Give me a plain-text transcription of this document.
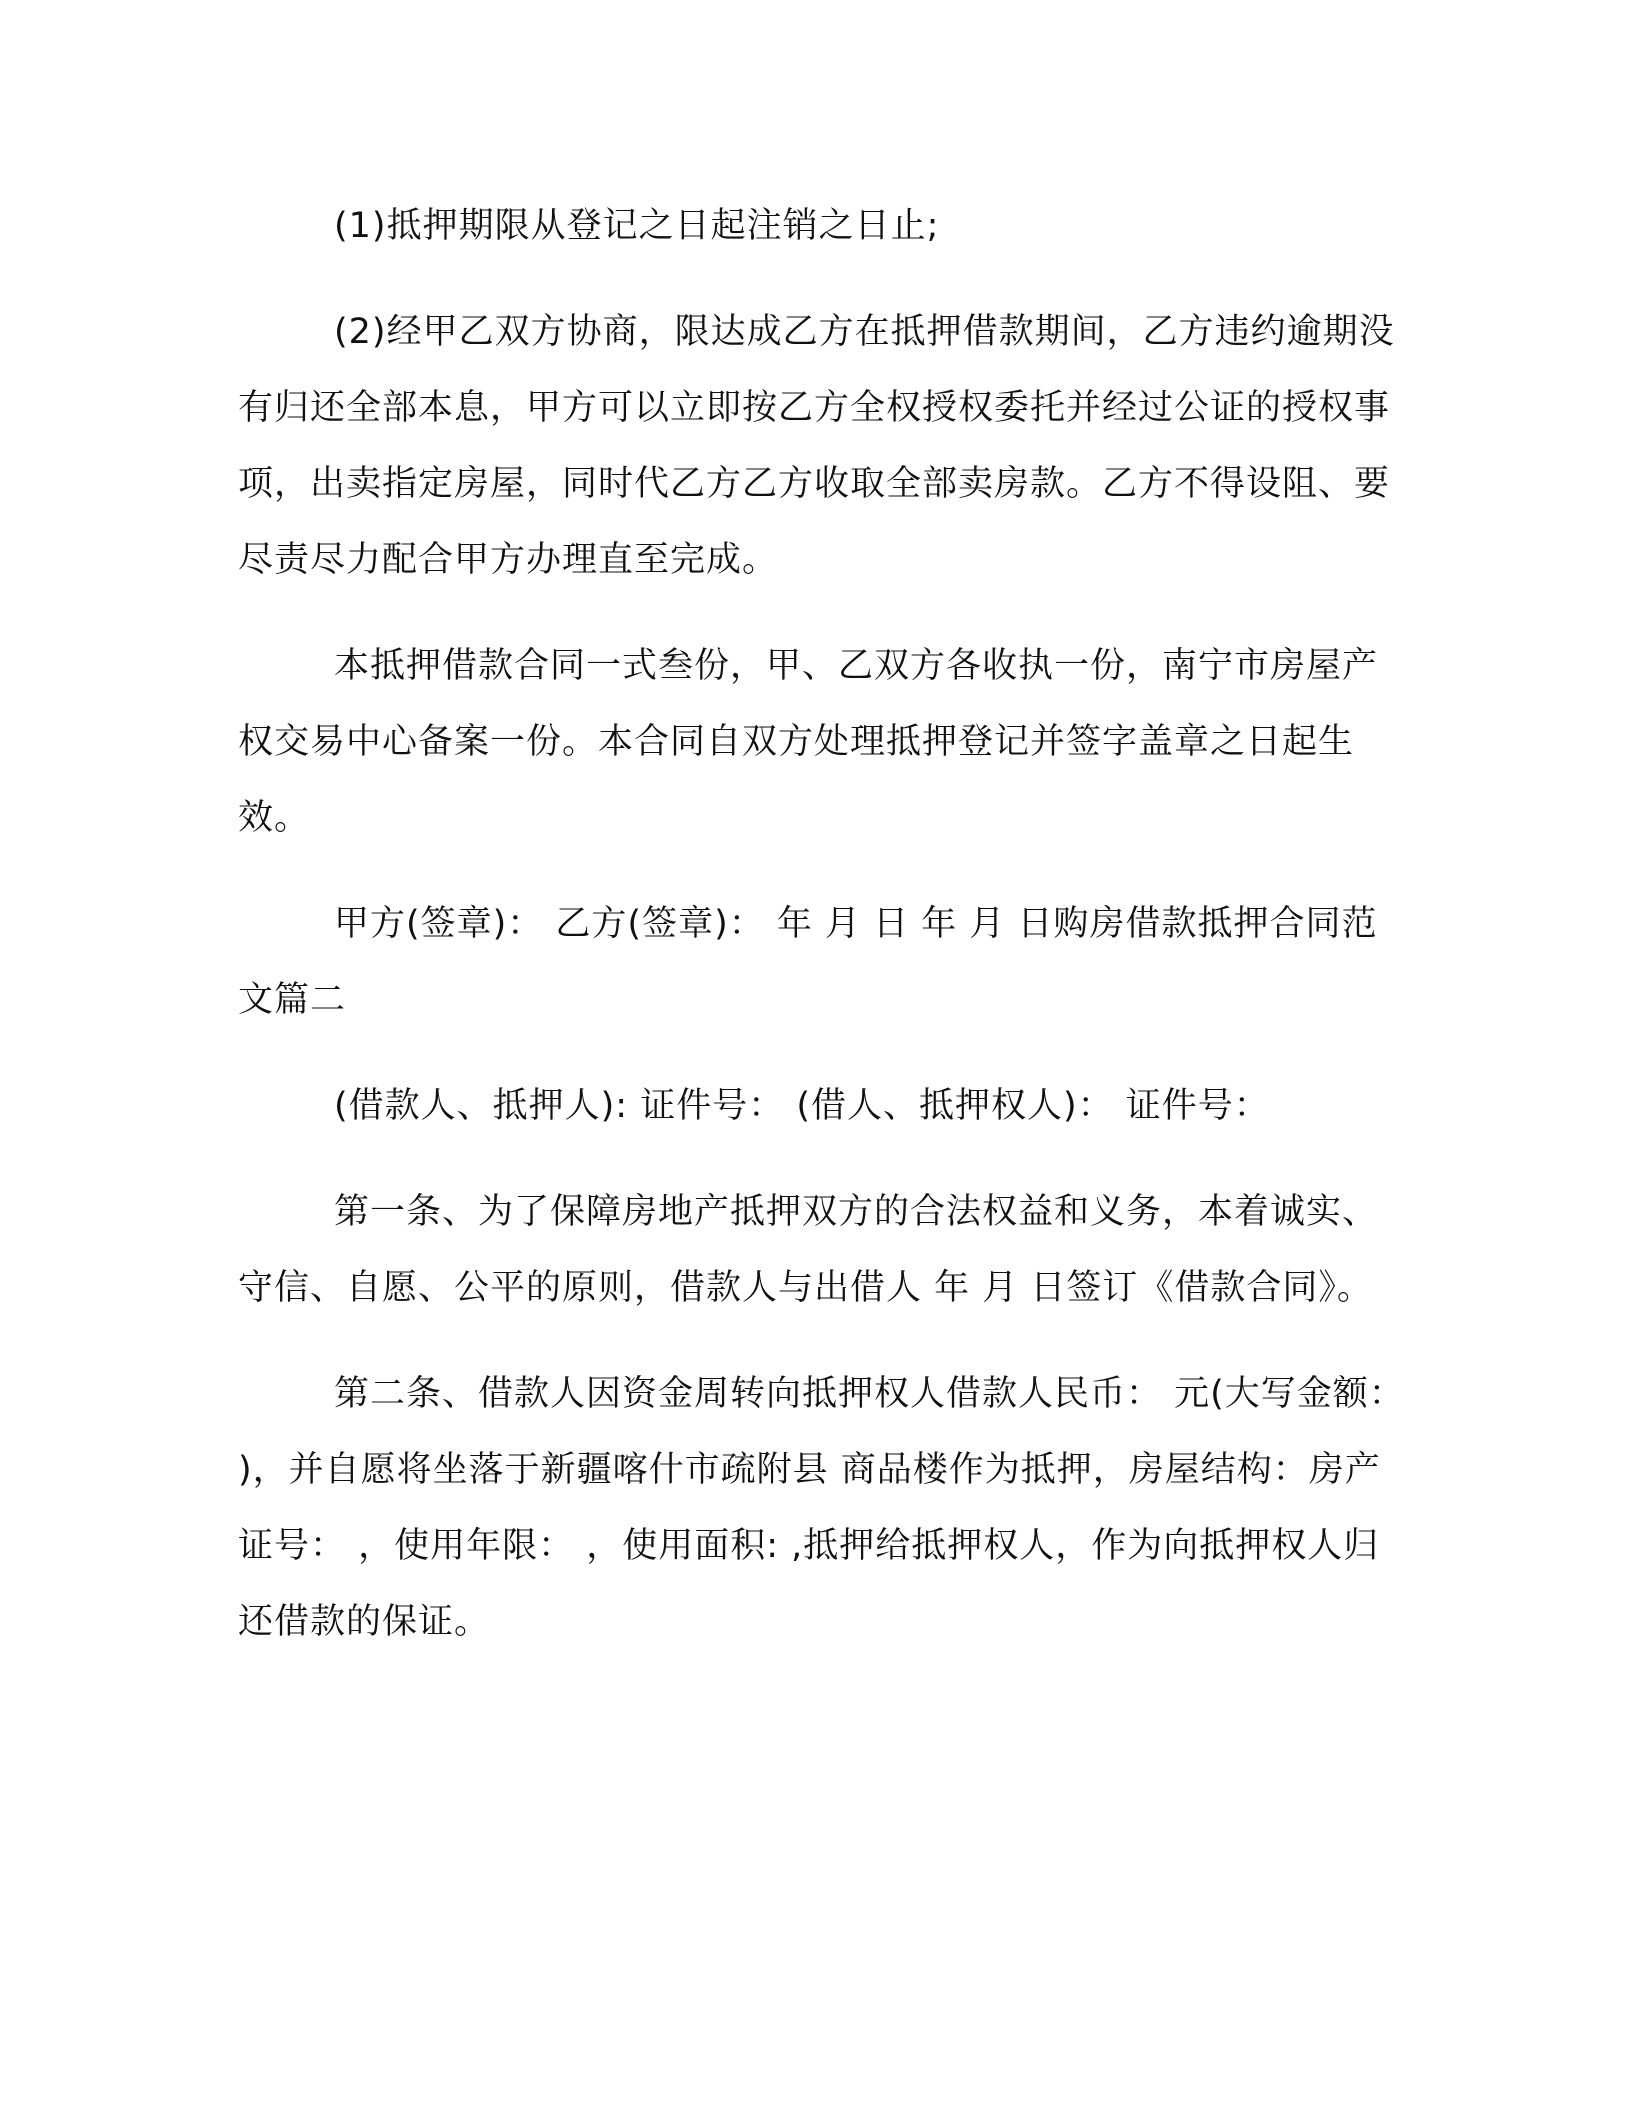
(1)抵押期限从登记之日起注销之日止;

(2)经甲乙双方协商，限达成乙方在抵押借款期间，乙方违约逾期没有归还全部本息，甲方可以立即按乙方全权授权委托并经过公证的授权事项，出卖指定房屋，同时代乙方乙方收取全部卖房款。乙方不得设阻、要尽责尽力配合甲方办理直至完成。

本抵押借款合同一式叁份，甲、乙双方各收执一份，南宁市房屋产权交易中心备案一份。本合同自双方处理抵押登记并签字盖章之日起生效。

甲方(签章)： 乙方(签章)： 年 月 日 年 月 日购房借款抵押合同范文篇二

(借款人、抵押人): 证件号： (借人、抵押权人)： 证件号：

第一条、为了保障房地产抵押双方的合法权益和义务，本着诚实、守信、自愿、公平的原则，借款人与出借人 年 月 日签订《借款合同》。

第二条、借款人因资金周转向抵押权人借款人民币： 元(大写金额： )，并自愿将坐落于新疆喀什市疏附县 商品楼作为抵押，房屋结构：房产证号： ，使用年限： ，使用面积: ,抵押给抵押权人，作为向抵押权人归还借款的保证。
